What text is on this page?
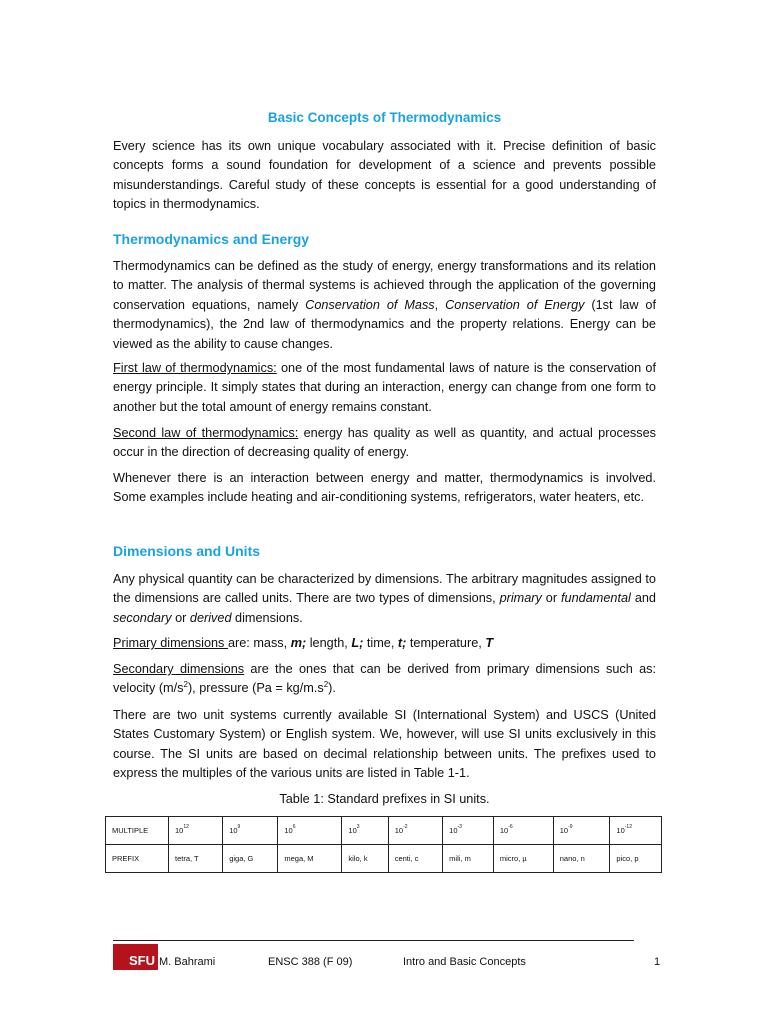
Basic Concepts of Thermodynamics
Every science has its own unique vocabulary associated with it. Precise definition of basic concepts forms a sound foundation for development of a science and prevents possible misunderstandings. Careful study of these concepts is essential for a good understanding of topics in thermodynamics.
Thermodynamics and Energy
Thermodynamics can be defined as the study of energy, energy transformations and its relation to matter. The analysis of thermal systems is achieved through the application of the governing conservation equations, namely Conservation of Mass, Conservation of Energy (1st law of thermodynamics), the 2nd law of thermodynamics and the property relations. Energy can be viewed as the ability to cause changes.
First law of thermodynamics: one of the most fundamental laws of nature is the conservation of energy principle. It simply states that during an interaction, energy can change from one form to another but the total amount of energy remains constant.
Second law of thermodynamics: energy has quality as well as quantity, and actual processes occur in the direction of decreasing quality of energy.
Whenever there is an interaction between energy and matter, thermodynamics is involved. Some examples include heating and air-conditioning systems, refrigerators, water heaters, etc.
Dimensions and Units
Any physical quantity can be characterized by dimensions. The arbitrary magnitudes assigned to the dimensions are called units. There are two types of dimensions, primary or fundamental and secondary or derived dimensions.
Primary dimensions are: mass, m; length, L; time, t; temperature, T
Secondary dimensions are the ones that can be derived from primary dimensions such as: velocity $(m/s^2)$, pressure $(Pa = kg/m.s^2)$.
There are two unit systems currently available SI (International System) and USCS (United States Customary System) or English system. We, however, will use SI units exclusively in this course. The SI units are based on decimal relationship between units. The prefixes used to express the multiples of the various units are listed in Table 1-1.
Table 1: Standard prefixes in SI units.
MULTIPLE	$10^{12}$	$10^9$	$10^6$	$10^3$	$10^{-2}$	$10^{-3}$	$10^{-6}$	$10^{-9}$	$10^{-12}$
PREFIX	tetra, T	giga, G	mega, M	kilo, k	centi, c	mili, m	micro, µ	nano, n	pico, p
SFU M. Bahrami	ENSC 388 (F 09)	Intro and Basic Concepts	1
